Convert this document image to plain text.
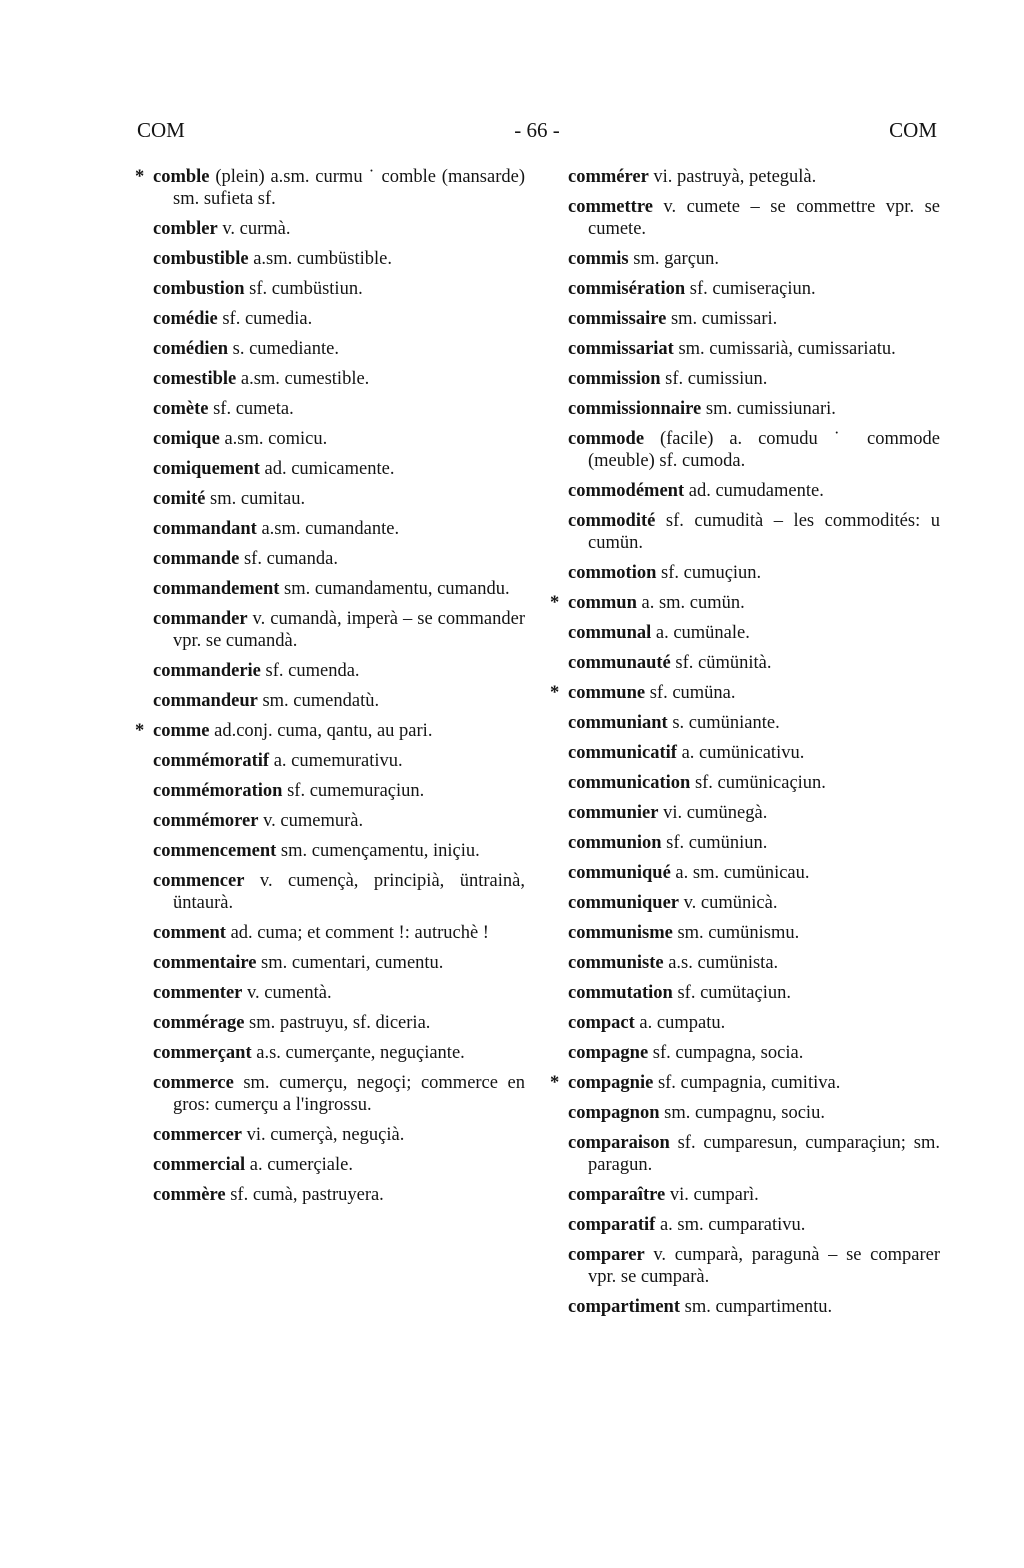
COM	- 66 -	COM
* comble (plein) a.sm. curmu ˙ comble (mansarde) sm. sufieta sf.
combler v. curmà.
combustible a.sm. cumbüstible.
combustion sf. cumbüstiun.
comédie sf. cumedia.
comédien s. cumediante.
comestible a.sm. cumestible.
comète sf. cumeta.
comique a.sm. comicu.
comiquement ad. cumicamente.
comité sm. cumitau.
commandant a.sm. cumandante.
commande sf. cumanda.
commandement sm. cumandamentu, cumandu.
commander v. cumandà, imperà – se commander vpr. se cumandà.
commanderie sf. cumenda.
commandeur sm. cumendatù.
* comme ad.conj. cuma, qantu, au pari.
commémoratif a. cumemurativu.
commémoration sf. cumemuraçiun.
commémorer v. cumemurà.
commencement sm. cumençamentu, iniçiu.
commencer v. cumençà, principià, üntrainà, üntaurà.
comment ad. cuma; et comment !: autruchè !
commentaire sm. cumentari, cumentu.
commenter v. cumentà.
commérage sm. pastruyu, sf. diceria.
commerçant a.s. cumerçante, neguçiante.
commerce sm. cumerçu, negoçi; commerce en gros: cumerçu a l'ingrossu.
commercer vi. cumerçà, neguçià.
commercial a. cumerçiale.
commère sf. cumà, pastruyera.
commérer vi. pastruyà, petegulà.
commettre v. cumete – se commettre vpr. se cumete.
commis sm. garçun.
commisération sf. cumiseraçiun.
commissaire sm. cumissari.
commissariat sm. cumissarià, cumissariatu.
commission sf. cumissiun.
commissionnaire sm. cumissiunari.
commode (facile) a. comudu ˙ commode (meuble) sf. cumoda.
commodément ad. cumudamente.
commodité sf. cumudità – les commodités: u cumün.
commotion sf. cumuçiun.
* commun a. sm. cumün.
communal a. cumünale.
communauté sf. cümünità.
* commune sf. cumüna.
communiant s. cumüniante.
communicatif a. cumünicativu.
communication sf. cumünicaçiun.
communier vi. cumünegà.
communion sf. cumüniun.
communiqué a. sm. cumünicau.
communiquer v. cumünicà.
communisme sm. cumünismu.
communiste a.s. cumünista.
commutation sf. cumütaçiun.
compact a. cumpatu.
compagne sf. cumpagna, socia.
* compagnie sf. cumpagnia, cumitiva.
compagnon sm. cumpagnu, sociu.
comparaison sf. cumparesun, cumparaçiun; sm. paragun.
comparaître vi. cumparì.
comparatif a. sm. cumparativu.
comparer v. cumparà, paragunà – se comparer vpr. se cumparà.
compartiment sm. cumpartimentu.
